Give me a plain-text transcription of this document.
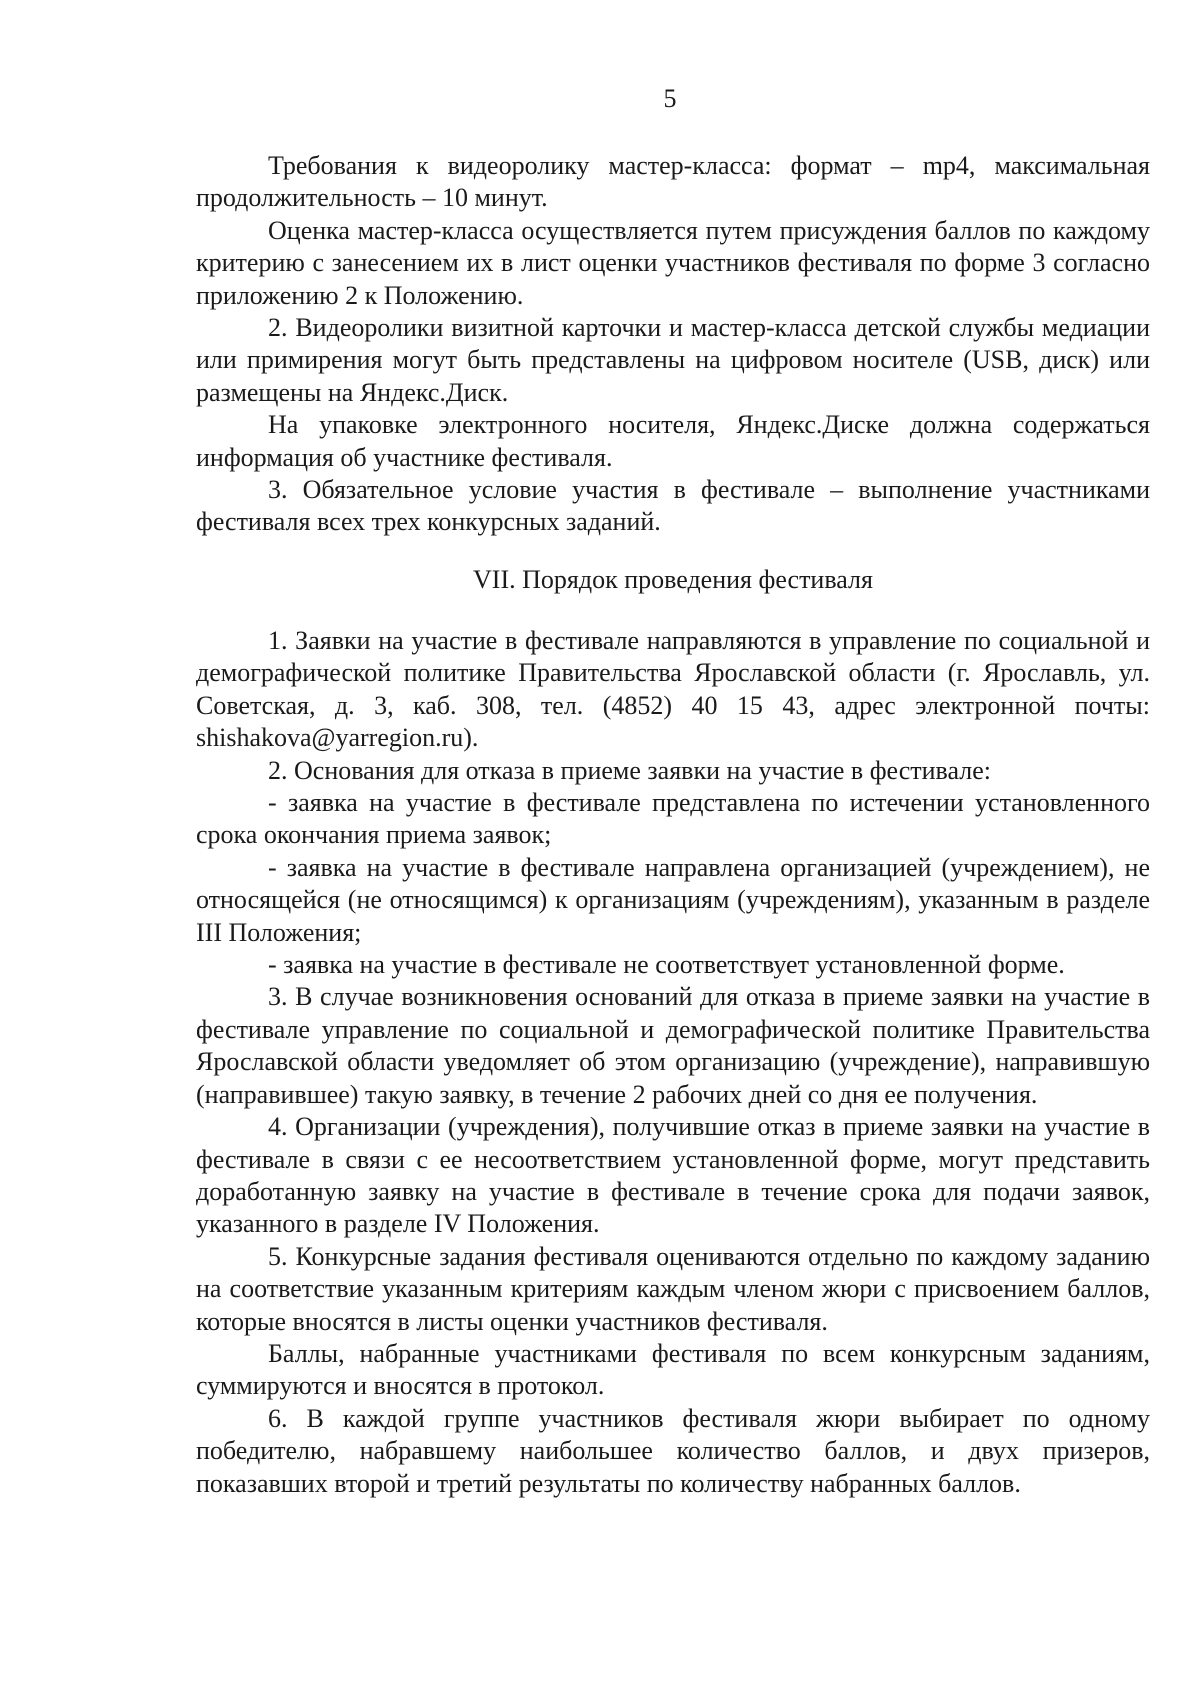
5

Требования к видеоролику мастер-класса: формат – mp4, максимальная продолжительность – 10 минут.

Оценка мастер-класса осуществляется путем присуждения баллов по каждому критерию с занесением их в лист оценки участников фестиваля по форме 3 согласно приложению 2 к Положению.

2. Видеоролики визитной карточки и мастер-класса детской службы медиации или примирения могут быть представлены на цифровом носителе (USB, диск) или размещены на Яндекс.Диск.

На упаковке электронного носителя, Яндекс.Диске должна содержаться информация об участнике фестиваля.

3. Обязательное условие участия в фестивале – выполнение участниками фестиваля всех трех конкурсных заданий.

VII. Порядок проведения фестиваля

1. Заявки на участие в фестивале направляются в управление по социальной и демографической политике Правительства Ярославской области (г. Ярославль, ул. Советская, д. 3, каб. 308, тел. (4852) 40 15 43, адрес электронной почты: shishakova@yarregion.ru).

2. Основания для отказа в приеме заявки на участие в фестивале:

- заявка на участие в фестивале представлена по истечении установленного срока окончания приема заявок;

- заявка на участие в фестивале направлена организацией (учреждением), не относящейся (не относящимся) к организациям (учреждениям), указанным в разделе III Положения;

- заявка на участие в фестивале не соответствует установленной форме.

3. В случае возникновения оснований для отказа в приеме заявки на участие в фестивале управление по социальной и демографической политике Правительства Ярославской области уведомляет об этом организацию (учреждение), направившую (направившее) такую заявку, в течение 2 рабочих дней со дня ее получения.

4. Организации (учреждения), получившие отказ в приеме заявки на участие в фестивале в связи с ее несоответствием установленной форме, могут представить доработанную заявку на участие в фестивале в течение срока для подачи заявок, указанного в разделе IV Положения.

5. Конкурсные задания фестиваля оцениваются отдельно по каждому заданию на соответствие указанным критериям каждым членом жюри с присвоением баллов, которые вносятся в листы оценки участников фестиваля.

Баллы, набранные участниками фестиваля по всем конкурсным заданиям, суммируются и вносятся в протокол.

6. В каждой группе участников фестиваля жюри выбирает по одному победителю, набравшему наибольшее количество баллов, и двух призеров, показавших второй и третий результаты по количеству набранных баллов.
